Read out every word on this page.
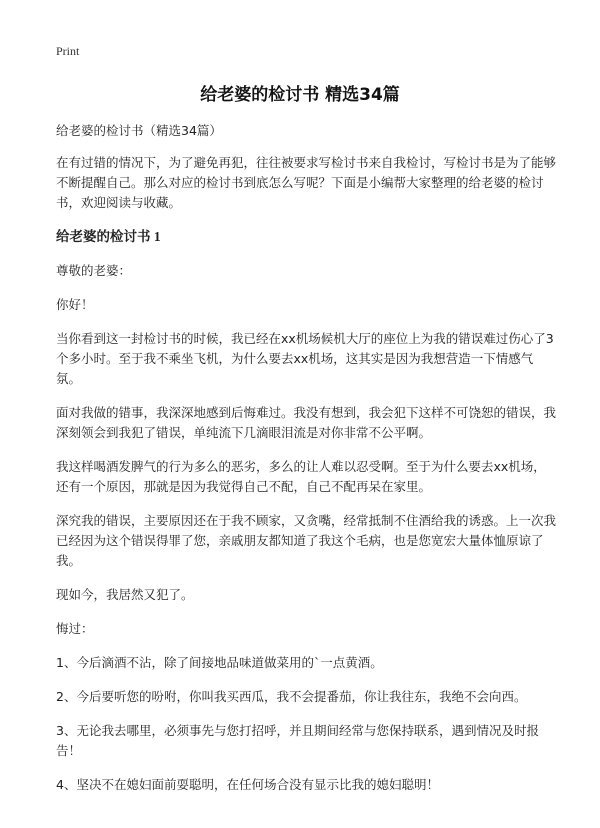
Print
给老婆的检讨书 精选34篇

给老婆的检讨书（精选34篇）

在有过错的情况下，为了避免再犯，往往被要求写检讨书来自我检讨，写检讨书是为了能够不断提醒自己。那么对应的检讨书到底怎么写呢？下面是小编帮大家整理的给老婆的检讨书，欢迎阅读与收藏。

给老婆的检讨书 1

尊敬的老婆：

你好！

当你看到这一封检讨书的时候，我已经在xx机场候机大厅的座位上为我的错误难过伤心了3个多小时。至于我不乘坐飞机，为什么要去xx机场，这其实是因为我想营造一下情感气氛。

面对我做的错事，我深深地感到后悔难过。我没有想到，我会犯下这样不可饶恕的错误，我深刻领会到我犯了错误，单纯流下几滴眼泪流是对你非常不公平啊。

我这样喝酒发脾气的行为多么的恶劣，多么的让人难以忍受啊。至于为什么要去xx机场，还有一个原因，那就是因为我觉得自己不配，自己不配再呆在家里。

深究我的错误，主要原因还在于我不顾家，又贪嘴，经常抵制不住酒给我的诱惑。上一次我已经因为这个错误得罪了您，亲戚朋友都知道了我这个毛病，也是您宽宏大量体恤原谅了我。

现如今，我居然又犯了。

悔过：

1、今后滴酒不沾，除了间接地品味道做菜用的`一点黄酒。

2、今后要听您的吩咐，你叫我买西瓜，我不会提番茄，你让我往东，我绝不会向西。

3、无论我去哪里，必须事先与您打招呼，并且期间经常与您保持联系，遇到情况及时报告！

4、坚决不在媳妇面前耍聪明，在任何场合没有显示比我的媳妇聪明！
